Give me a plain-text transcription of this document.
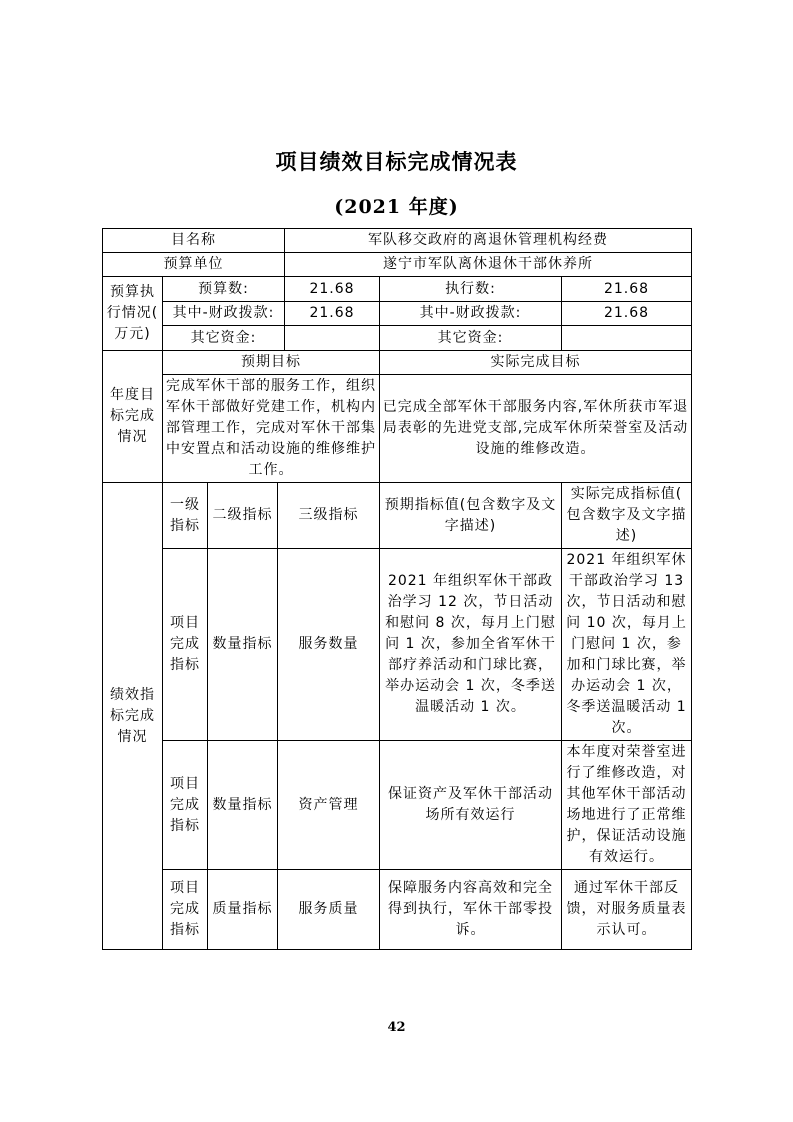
项目绩效目标完成情况表
(2021 年度)
目名称				军队移交政府的离退休管理机构经费		
预算单位				遂宁市军队离休退休干部休养所		
预算执行情况(万元)	预算数:			21.68	执行数:	21.68
	其中-财政拨款:			21.68	其中-财政拨款:	21.68
	其它资金:				其它资金:	
年度目标完成情况	预期目标				实际完成目标	
	完成军休干部的服务工作，组织军休干部做好党建工作，机构内部管理工作，完成对军休干部集中安置点和活动设施的维修维护工作。				已完成全部军休干部服务内容,军休所获市军退局表彰的先进党支部,完成军休所荣誉室及活动设施的维修改造。	
绩效指标完成情况	一级指标	二级指标	三级指标		预期指标值(包含数字及文字描述)	实际完成指标值(包含数字及文字描述)
	项目完成指标	数量指标	服务数量		2021 年组织军休干部政治学习 12 次，节日活动和慰问 8 次，每月上门慰问 1 次，参加全省军休干部疗养活动和门球比赛，举办运动会 1 次，冬季送温暖活动 1 次。	2021 年组织军休干部政治学习 13 次，节日活动和慰问 10 次，每月上门慰问 1 次，参加和门球比赛，举办运动会 1 次，冬季送温暖活动 1 次。
	项目完成指标	数量指标	资产管理		保证资产及军休干部活动场所有效运行	本年度对荣誉室进行了维修改造，对其他军休干部活动场地进行了正常维护，保证活动设施有效运行。
	项目完成指标	质量指标	服务质量		保障服务内容高效和完全得到执行，军休干部零投诉。	通过军休干部反馈，对服务质量表示认可。
42
